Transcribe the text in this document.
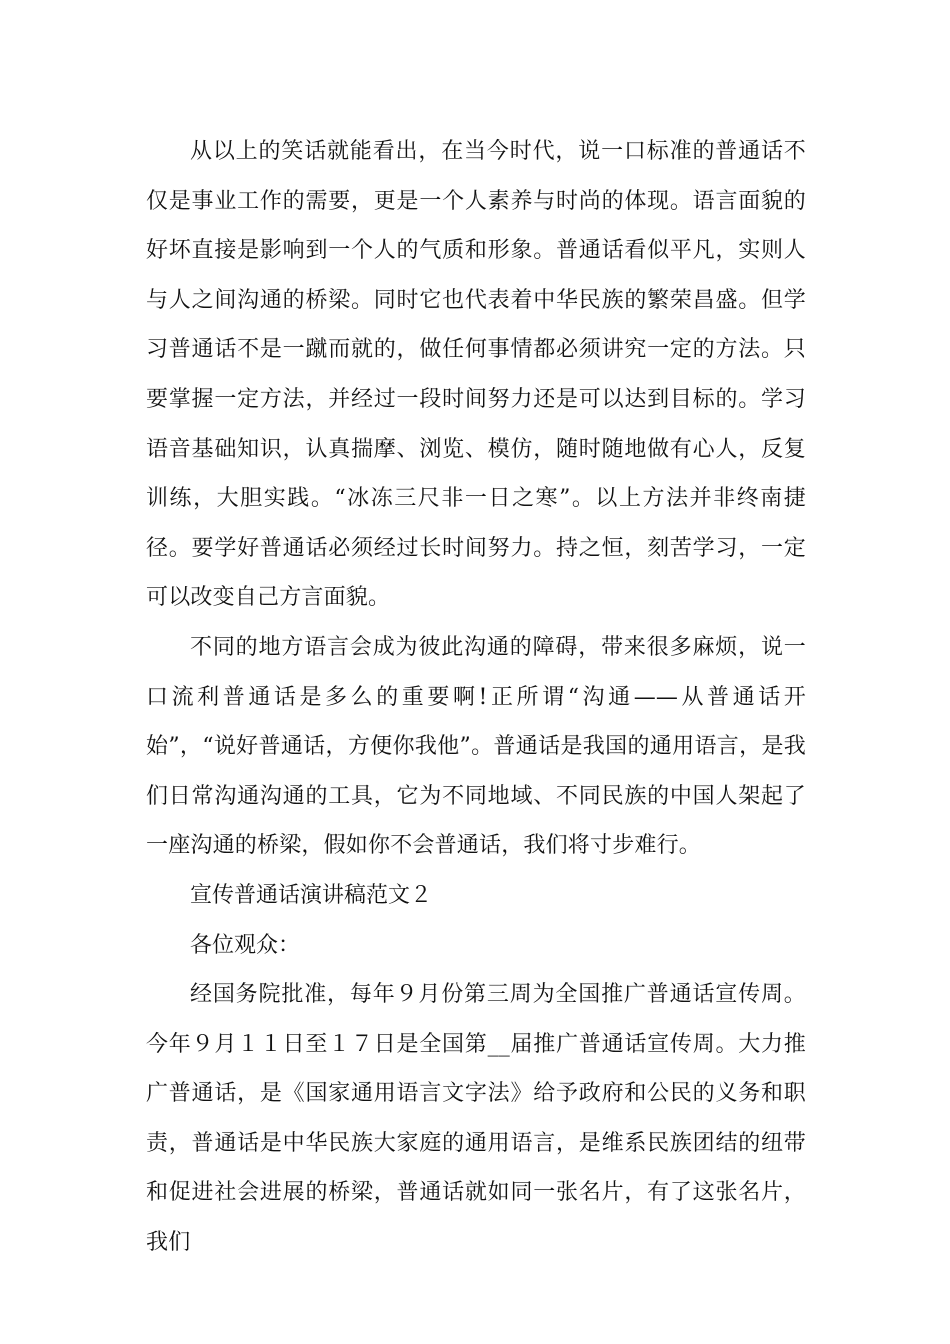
从以上的笑话就能看出，在当今时代，说一口标准的普通话不仅是事业工作的需要，更是一个人素养与时尚的体现。语言面貌的好坏直接是影响到一个人的气质和形象。普通话看似平凡，实则人与人之间沟通的桥梁。同时它也代表着中华民族的繁荣昌盛。但学习普通话不是一蹴而就的，做任何事情都必须讲究一定的方法。只要掌握一定方法，并经过一段时间努力还是可以达到目标的。学习语音基础知识，认真揣摩、浏览、模仿，随时随地做有心人，反复训练，大胆实践。“冰冻三尺非一日之寒”。以上方法并非终南捷径。要学好普通话必须经过长时间努力。持之恒，刻苦学习，一定可以改变自己方言面貌。

不同的地方语言会成为彼此沟通的障碍，带来很多麻烦，说一口流利普通话是多么的重要啊!正所谓“沟通——从普通话开始”，“说好普通话，方便你我他”。普通话是我国的通用语言，是我们日常沟通沟通的工具，它为不同地域、不同民族的中国人架起了一座沟通的桥梁，假如你不会普通话，我们将寸步难行。

宣传普通话演讲稿范文２

各位观众：

经国务院批准，每年９月份第三周为全国推广普通话宣传周。今年９月１１日至１７日是全国第__届推广普通话宣传周。大力推广普通话，是《国家通用语言文字法》给予政府和公民的义务和职责，普通话是中华民族大家庭的通用语言，是维系民族团结的纽带和促进社会进展的桥梁，普通话就如同一张名片，有了这张名片，我们
